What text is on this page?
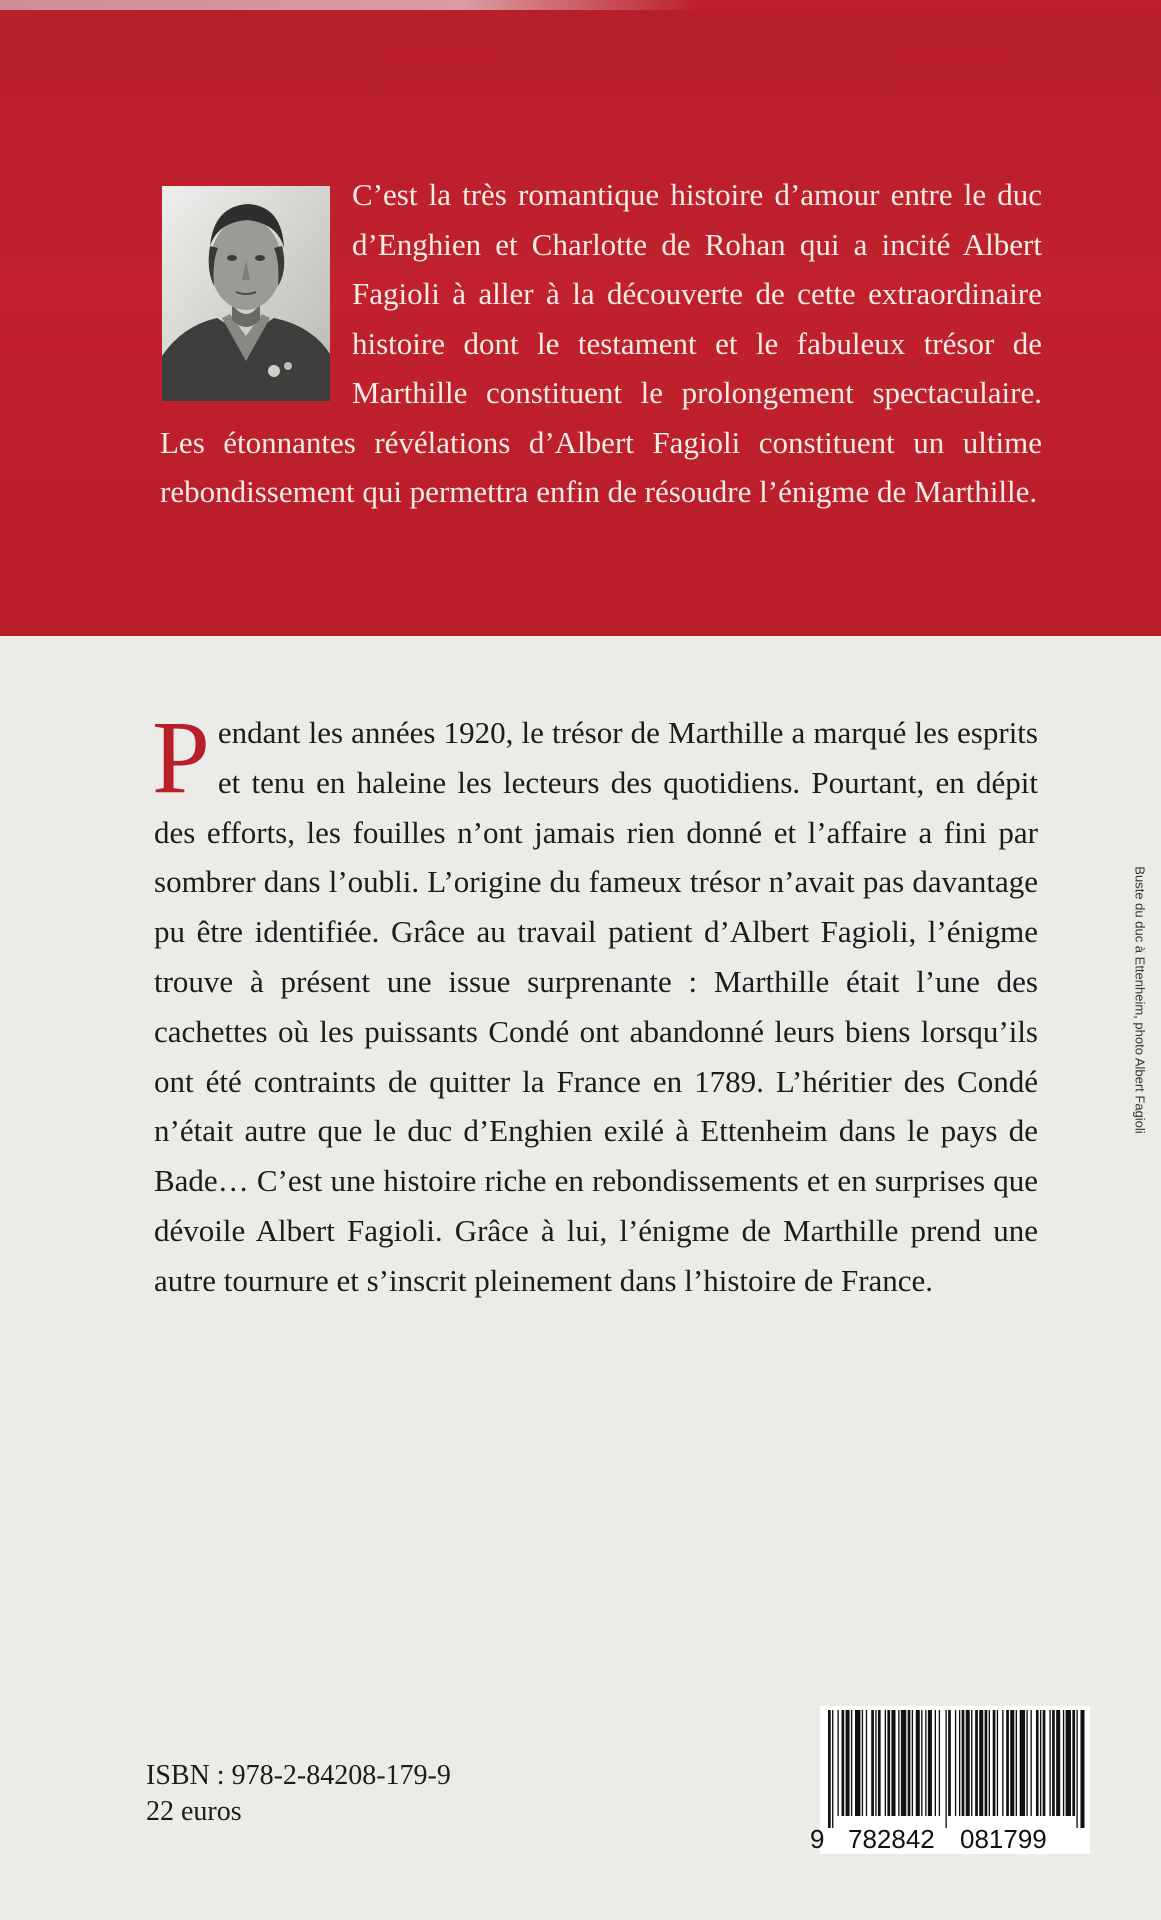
C’est la très romantique histoire d’amour entre le duc d’Enghien et Charlotte de Rohan qui a incité Albert Fagioli à aller à la découverte de cette extraordinaire histoire dont le testament et le fabuleux trésor de Marthille constituent le prolongement spectaculaire. Les étonnantes révélations d’Albert Fagioli constituent un ultime rebondissement qui permettra enfin de résoudre l’énigme de Marthille.

P endant les années 1920, le trésor de Marthille a marqué les esprits et tenu en haleine les lecteurs des quotidiens. Pourtant, en dépit des efforts, les fouilles n’ont jamais rien donné et l’affaire a fini par sombrer dans l’oubli. L’origine du fameux trésor n’avait pas davantage pu être identifiée. Grâce au travail patient d’Albert Fagioli, l’énigme trouve à présent une issue surprenante : Marthille était l’une des cachettes où les puissants Condé ont abandonné leurs biens lorsqu’ils ont été contraints de quitter la France en 1789. L’héritier des Condé n’était autre que le duc d’Enghien exilé à Ettenheim dans le pays de Bade… C’est une histoire riche en rebondissements et en surprises que dévoile Albert Fagioli. Grâce à lui, l’énigme de Marthille prend une autre tournure et s’inscrit pleinement dans l’histoire de France.

Buste du duc à Ettenheim, photo Albert Fagioli
ISBN : 978-2-84208-179-9
22 euros
9 782842 081799
